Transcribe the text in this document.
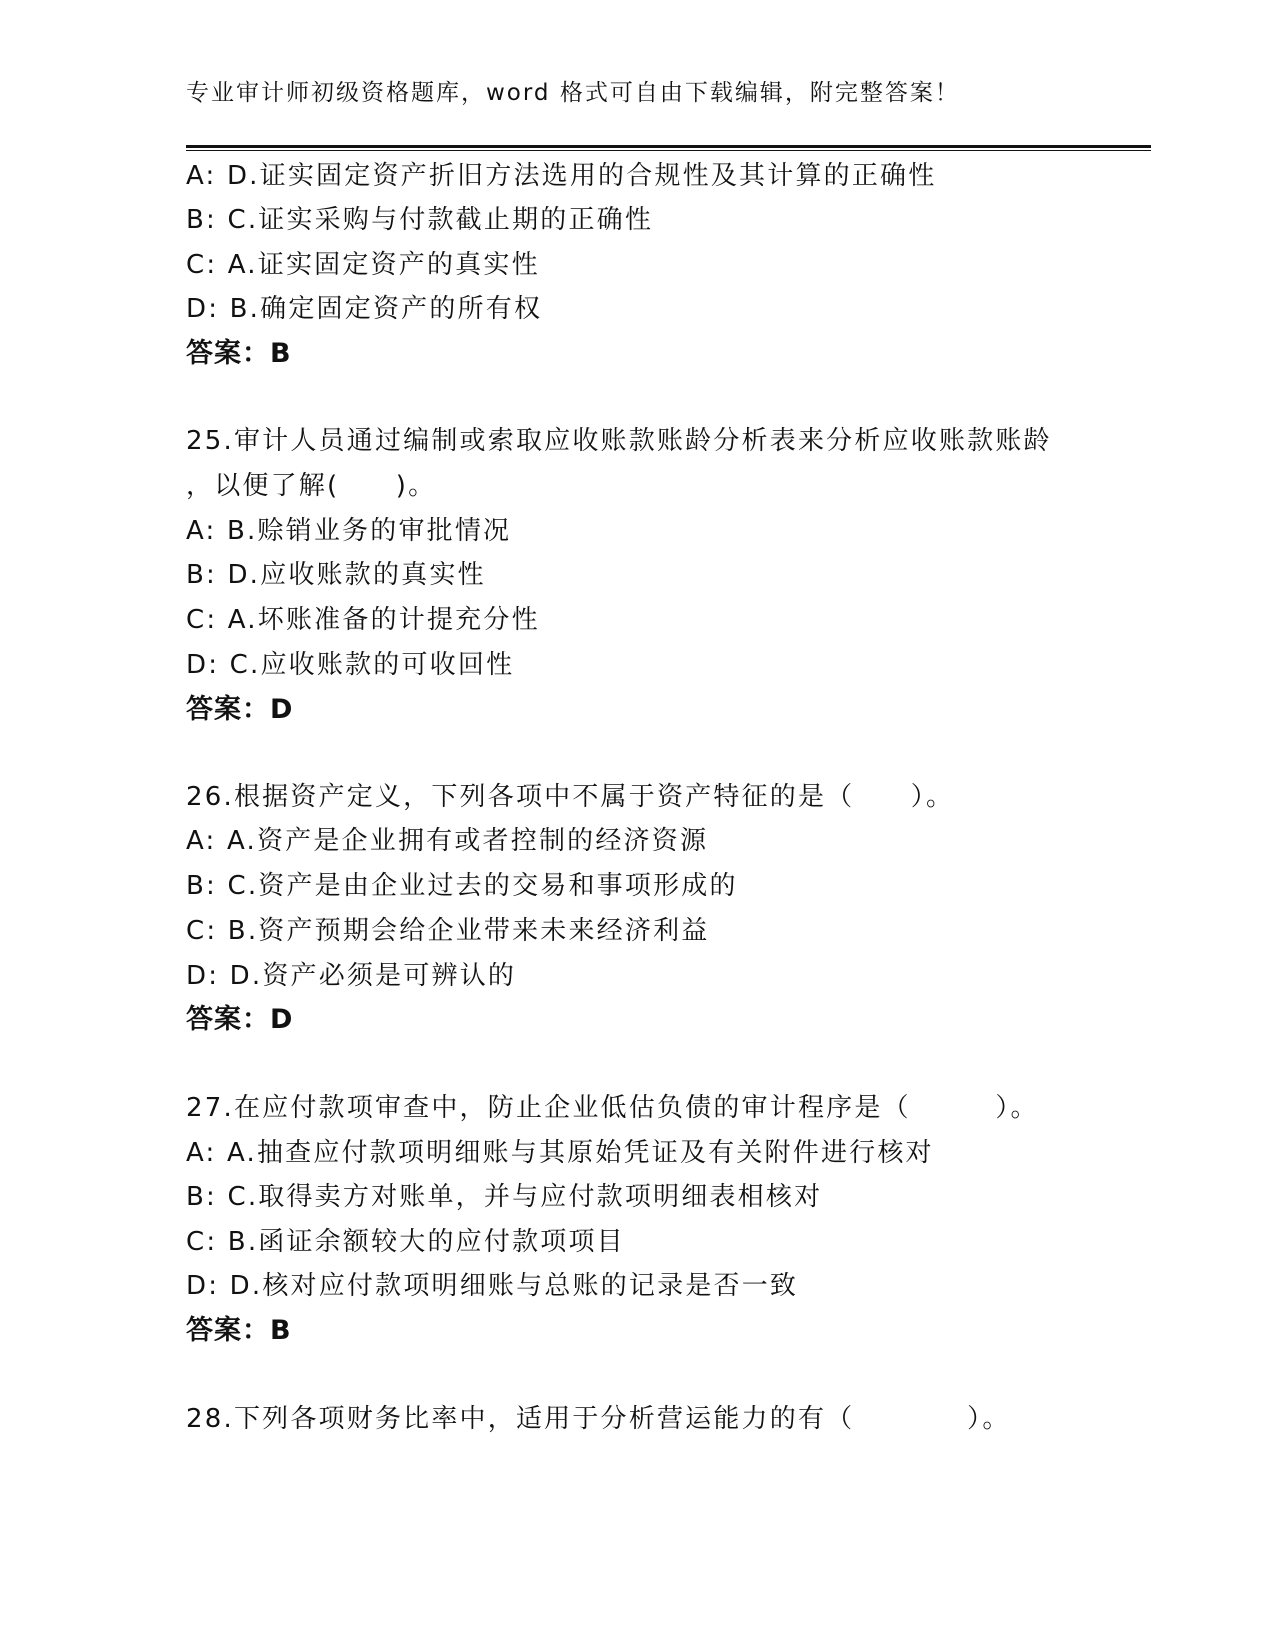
专业审计师初级资格题库，word 格式可自由下载编辑，附完整答案！
A: D.证实固定资产折旧方法选用的合规性及其计算的正确性
B: C.证实采购与付款截止期的正确性
C: A.证实固定资产的真实性
D: B.确定固定资产的所有权
答案：B
25.审计人员通过编制或索取应收账款账龄分析表来分析应收账款账龄
，以便了解(　　)。
A: B.赊销业务的审批情况
B: D.应收账款的真实性
C: A.坏账准备的计提充分性
D: C.应收账款的可收回性
答案：D
26.根据资产定义，下列各项中不属于资产特征的是（　　）。
A: A.资产是企业拥有或者控制的经济资源
B: C.资产是由企业过去的交易和事项形成的
C: B.资产预期会给企业带来未来经济利益
D: D.资产必须是可辨认的
答案：D
27.在应付款项审查中，防止企业低估负债的审计程序是（　　　）。
A: A.抽查应付款项明细账与其原始凭证及有关附件进行核对
B: C.取得卖方对账单，并与应付款项明细表相核对
C: B.函证余额较大的应付款项项目
D: D.核对应付款项明细账与总账的记录是否一致
答案：B
28.下列各项财务比率中，适用于分析营运能力的有（　　　　）。
